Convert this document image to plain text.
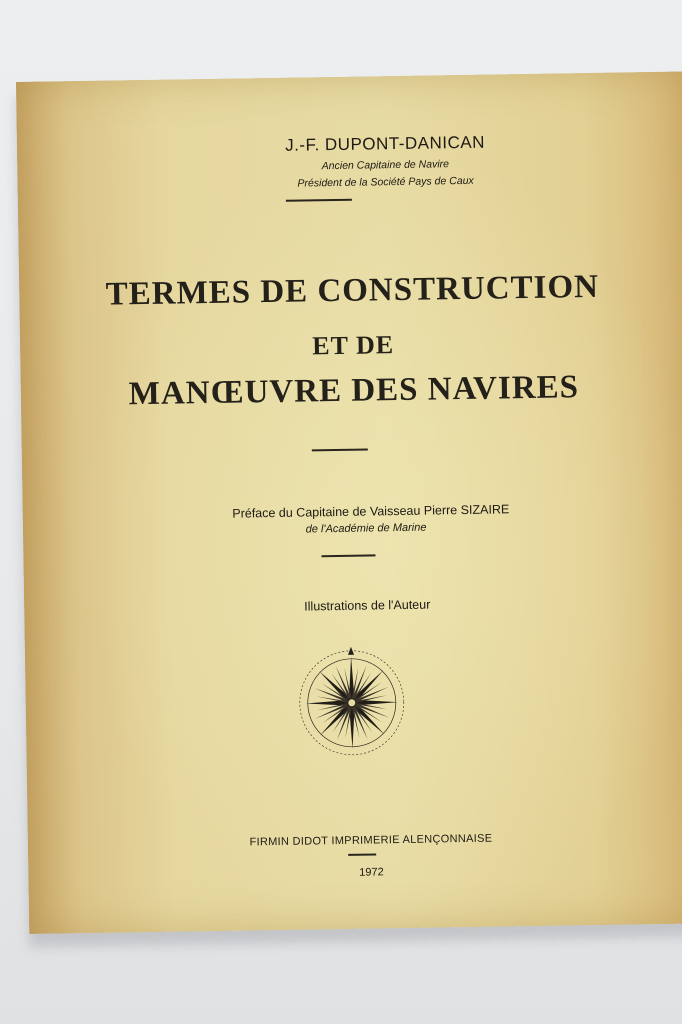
J.-F. DUPONT-DANICAN
Ancien Capitaine de Navire
Président de la Société Pays de Caux
TERMES DE CONSTRUCTION
ET DE
MANŒUVRE DES NAVIRES
Préface du Capitaine de Vaisseau Pierre SIZAIRE
de l'Académie de Marine
Illustrations de l'Auteur
FIRMIN DIDOT IMPRIMERIE ALENÇONNAISE
1972
